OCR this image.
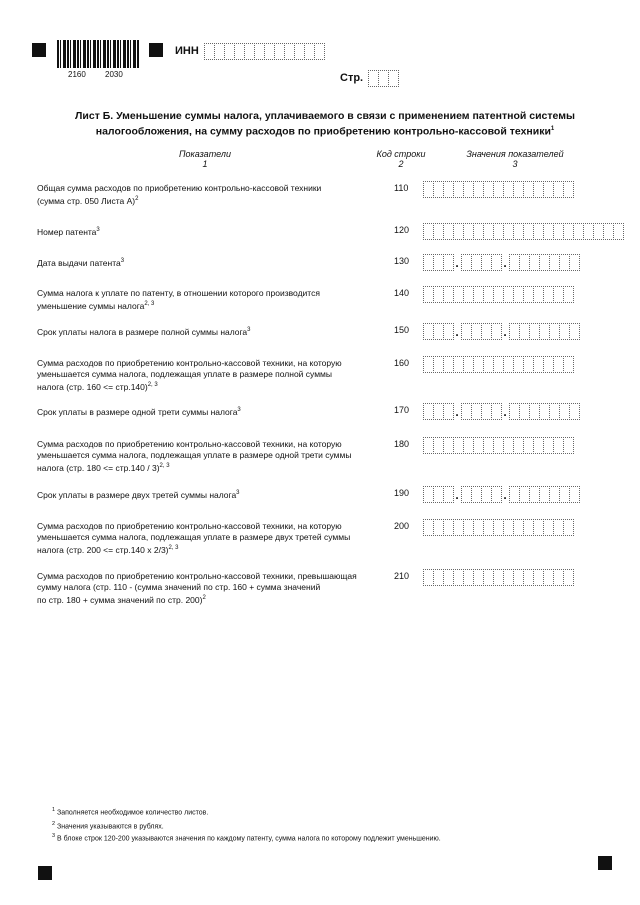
2160 2030
ИНН
Стр.
Лист Б. Уменьшение суммы налога, уплачиваемого в связи с применением патентной системы
налогообложения, на сумму расходов по приобретению контрольно-кассовой техники$^1$
Показатели
1
Код строки
2
Значения показателей
3
Общая сумма расходов по приобретению контрольно-кассовой техники
(сумма стр. 050 Листа А)$^2$
110
Номер патента$^3$	120
Дата выдачи патента$^3$	130	.	.
Сумма налога к уплате по патенту, в отношении которого производится
уменьшение суммы налога$^{2, 3}$
140
Срок уплаты налога в размере полной суммы налога$^3$	150	.	.
Сумма расходов по приобретению контрольно-кассовой техники, на которую
уменьшается сумма налога, подлежащая уплате в размере полной суммы
налога (стр. 160 <= стр.140)$^{2, 3}$
160
Срок уплаты в размере одной трети суммы налога$^3$	170	.	.
Сумма расходов по приобретению контрольно-кассовой техники, на которую
уменьшается сумма налога, подлежащая уплате в размере одной трети суммы
налога (стр. 180 <= стр.140 / 3)$^{2, 3}$
180
Срок уплаты в размере двух третей суммы налога$^3$	190	.	.
Сумма расходов по приобретению контрольно-кассовой техники, на которую
уменьшается сумма налога, подлежащая уплате в размере двух третей суммы
налога (стр. 200 <= стр.140 x 2/3)$^{2, 3}$
200
Сумма расходов по приобретению контрольно-кассовой техники, превышающая
сумму налога (стр. 110 - (сумма значений по стр. 160 + сумма значений
по стр. 180 + сумма значений по стр. 200)$^2$
210
$^1$ Заполняется необходимое количество листов.
$^2$ Значения указываются в рублях.
$^3$ В блоке строк 120-200 указываются значения по каждому патенту, сумма налога по которому подлежит уменьшению.
